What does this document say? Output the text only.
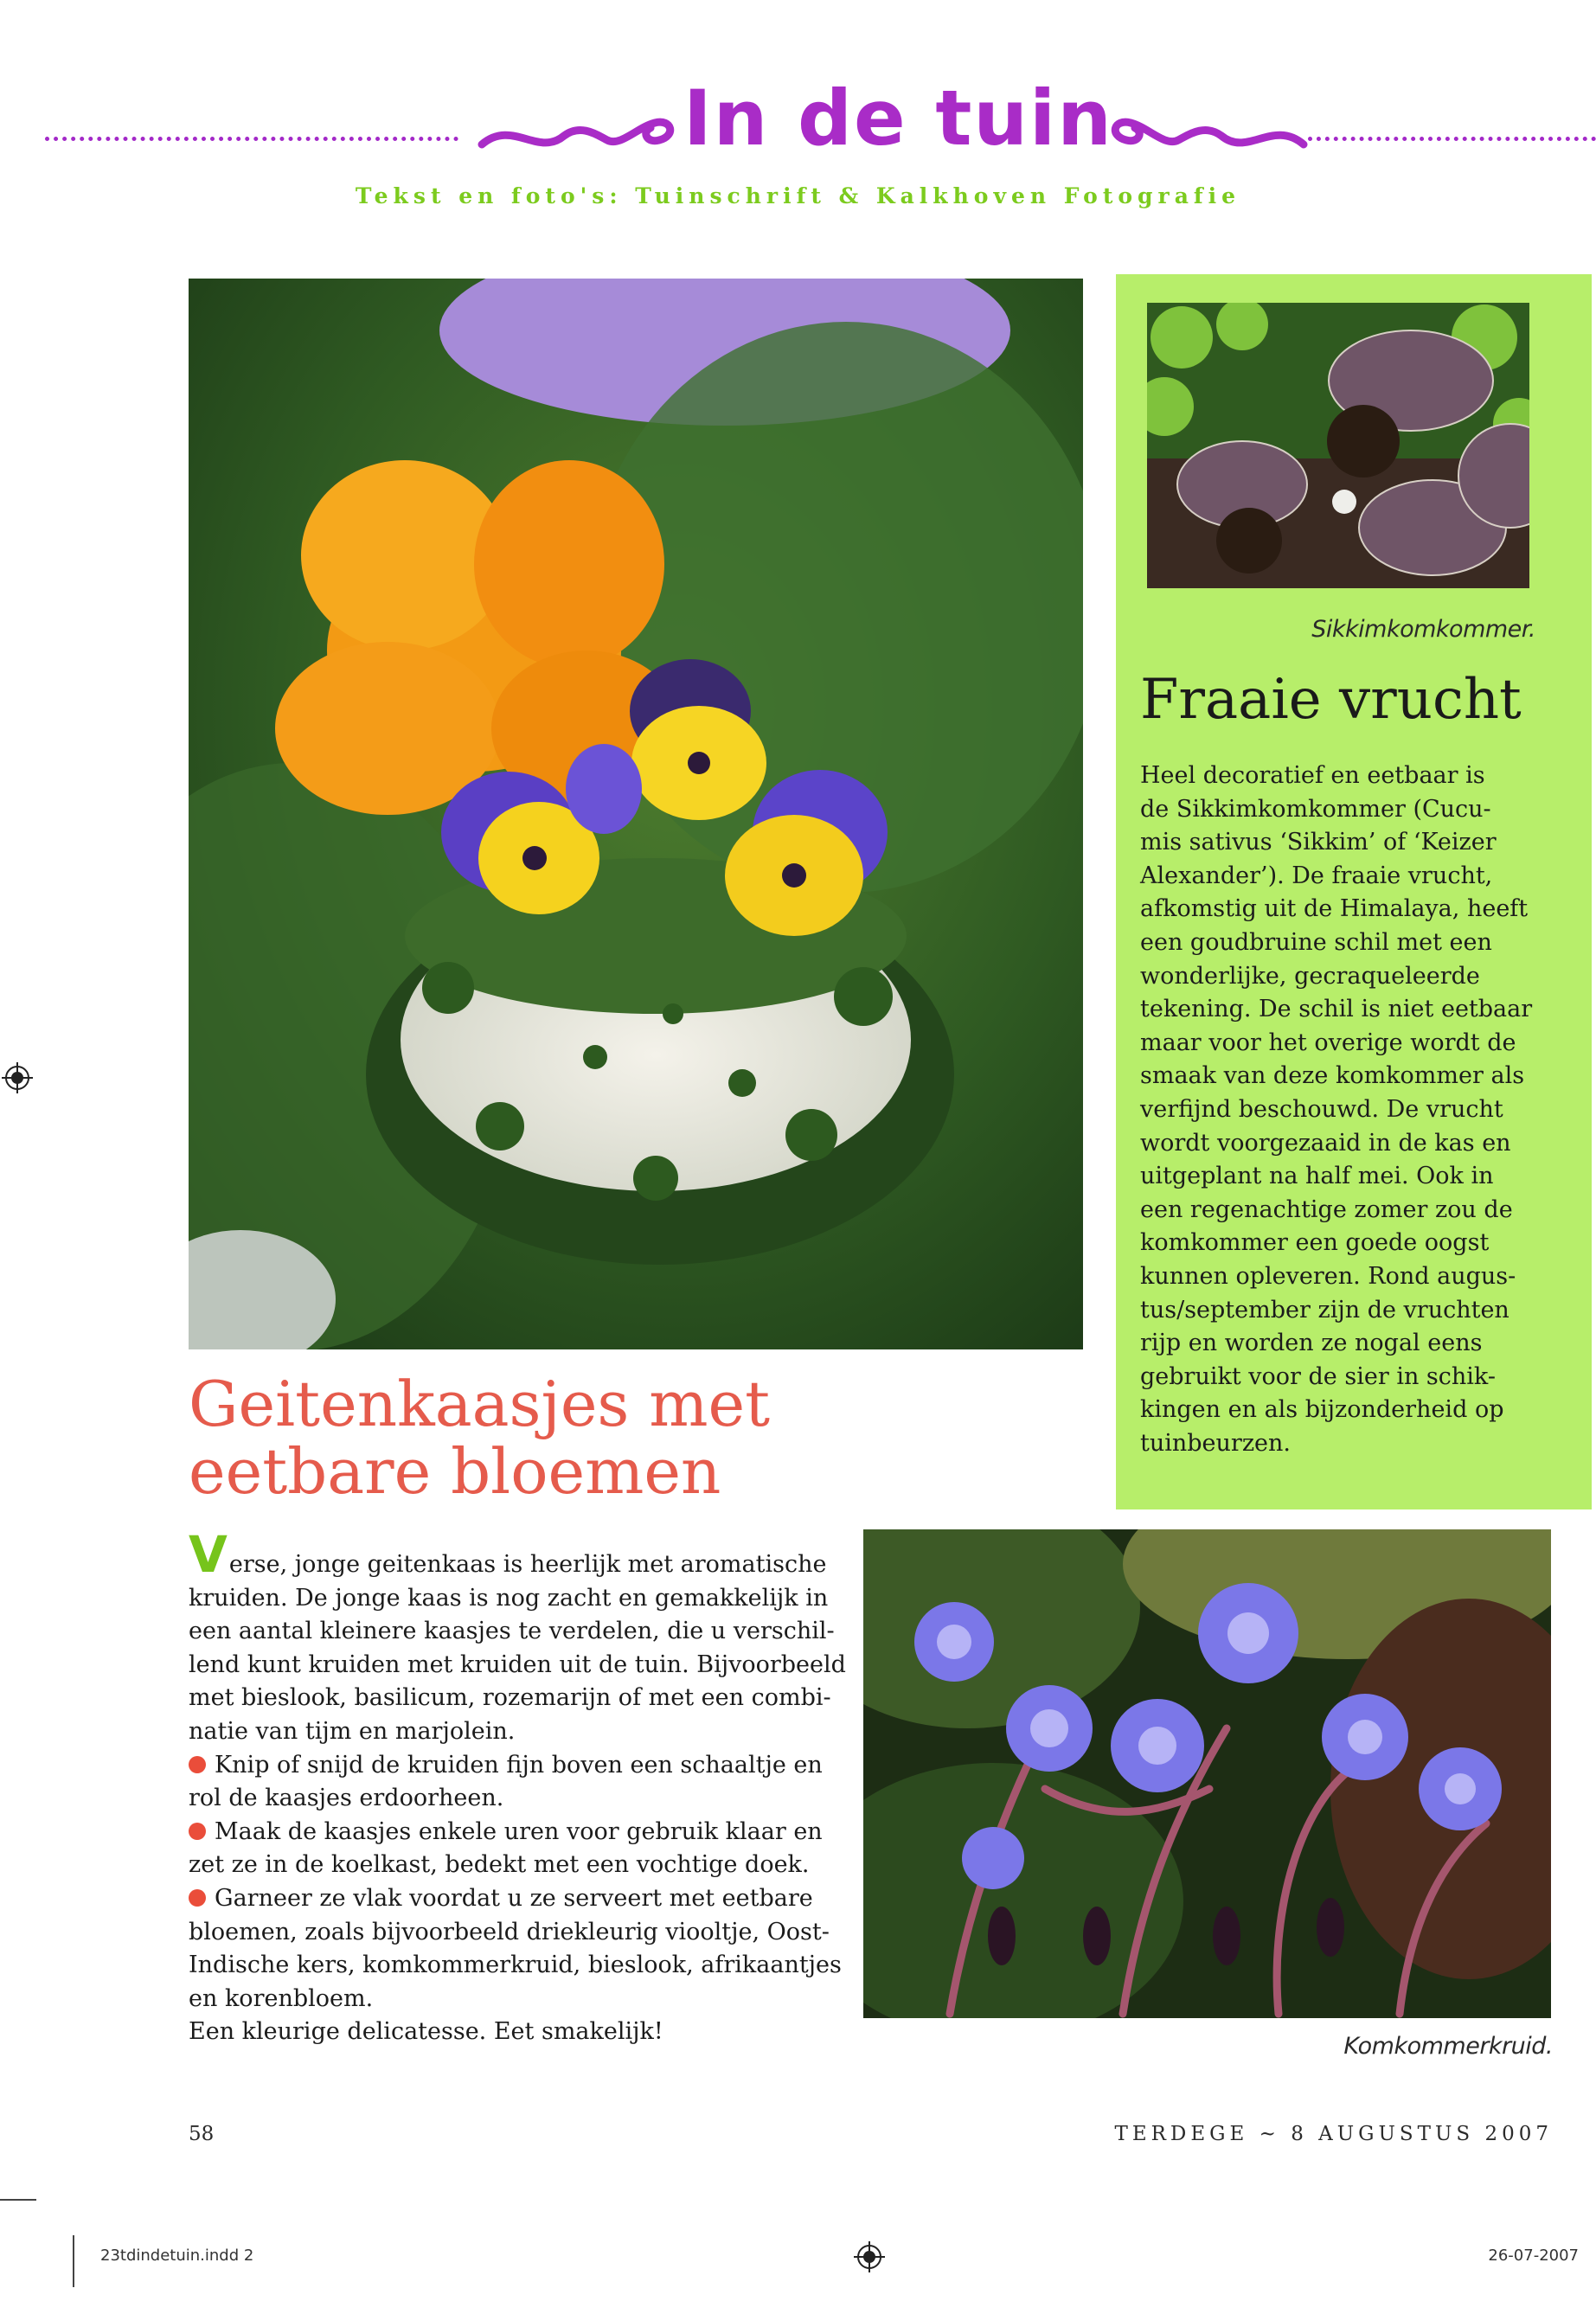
In de tuin
Tekst en foto's: Tuinschrift & Kalkhoven Fotografie
Sikkimkomkommer.
Fraaie vrucht
Heel decoratief en eetbaar is
de Sikkimkomkommer (Cucu-
mis sativus ‘Sikkim’ of ‘Keizer
Alexander’). De fraaie vrucht,
afkomstig uit de Himalaya, heeft
een goudbruine schil met een
wonderlijke, gecraqueleerde
tekening. De schil is niet eetbaar
maar voor het overige wordt de
smaak van deze komkommer als
verfijnd beschouwd. De vrucht
wordt voorgezaaid in de kas en
uitgeplant na half mei. Ook in
een regenachtige zomer zou de
komkommer een goede oogst
kunnen opleveren. Rond augus-
tus/september zijn de vruchten
rijp en worden ze nogal eens
gebruikt voor de sier in schik-
kingen en als bijzonderheid op
tuinbeurzen.
Geitenkaasjes met
eetbare bloemen
Verse, jonge geitenkaas is heerlijk met aromatische
kruiden. De jonge kaas is nog zacht en gemakkelijk in
een aantal kleinere kaasjes te verdelen, die u verschil-
lend kunt kruiden met kruiden uit de tuin. Bijvoorbeeld
met bieslook, basilicum, rozemarijn of met een combi-
natie van tijm en marjolein.
Knip of snijd de kruiden fijn boven een schaaltje en
rol de kaasjes erdoorheen.
Maak de kaasjes enkele uren voor gebruik klaar en
zet ze in de koelkast, bedekt met een vochtige doek.
Garneer ze vlak voordat u ze serveert met eetbare
bloemen, zoals bijvoorbeeld driekleurig viooltje, Oost-
Indische kers, komkommerkruid, bieslook, afrikaantjes
en korenbloem.
Een kleurige delicatesse. Eet smakelijk!
Komkommerkruid.
58	TERDEGE ~ 8 AUGUSTUS 2007
23tdindetuin.indd 2	26-07-2007
